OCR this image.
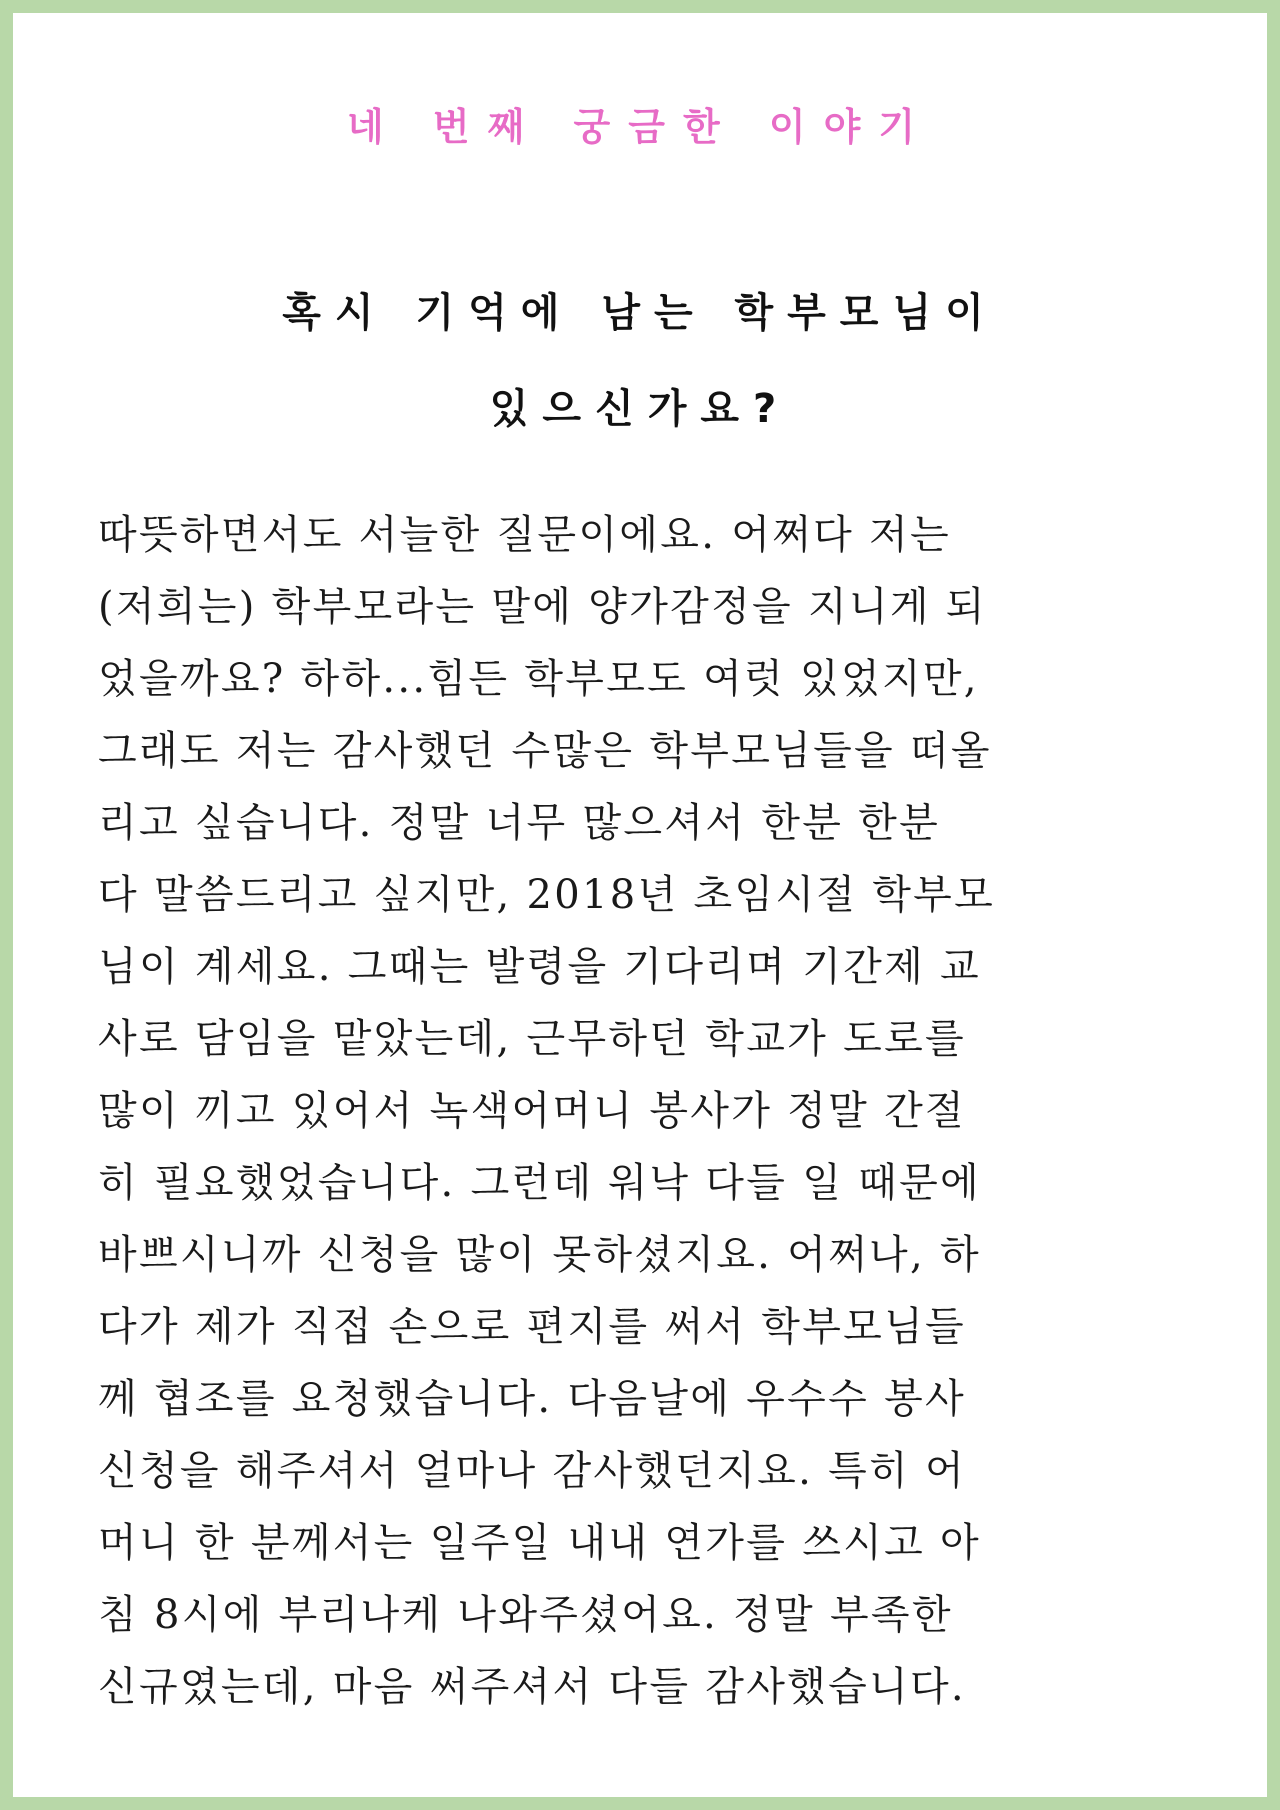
네 번째 궁금한 이야기
혹시 기억에 남는 학부모님이
있으신가요?
따뜻하면서도 서늘한 질문이에요. 어쩌다 저는
(저희는) 학부모라는 말에 양가감정을 지니게 되
었을까요? 하하...힘든 학부모도 여럿 있었지만,
그래도 저는 감사했던 수많은 학부모님들을 떠올
리고 싶습니다. 정말 너무 많으셔서 한분 한분
다 말씀드리고 싶지만, 2018년 초임시절 학부모
님이 계세요. 그때는 발령을 기다리며 기간제 교
사로 담임을 맡았는데, 근무하던 학교가 도로를
많이 끼고 있어서 녹색어머니 봉사가 정말 간절
히 필요했었습니다. 그런데 워낙 다들 일 때문에
바쁘시니까 신청을 많이 못하셨지요. 어쩌나, 하
다가 제가 직접 손으로 편지를 써서 학부모님들
께 협조를 요청했습니다. 다음날에 우수수 봉사
신청을 해주셔서 얼마나 감사했던지요. 특히 어
머니 한 분께서는 일주일 내내 연가를 쓰시고 아
침 8시에 부리나케 나와주셨어요. 정말 부족한
신규였는데, 마음 써주셔서 다들 감사했습니다.
